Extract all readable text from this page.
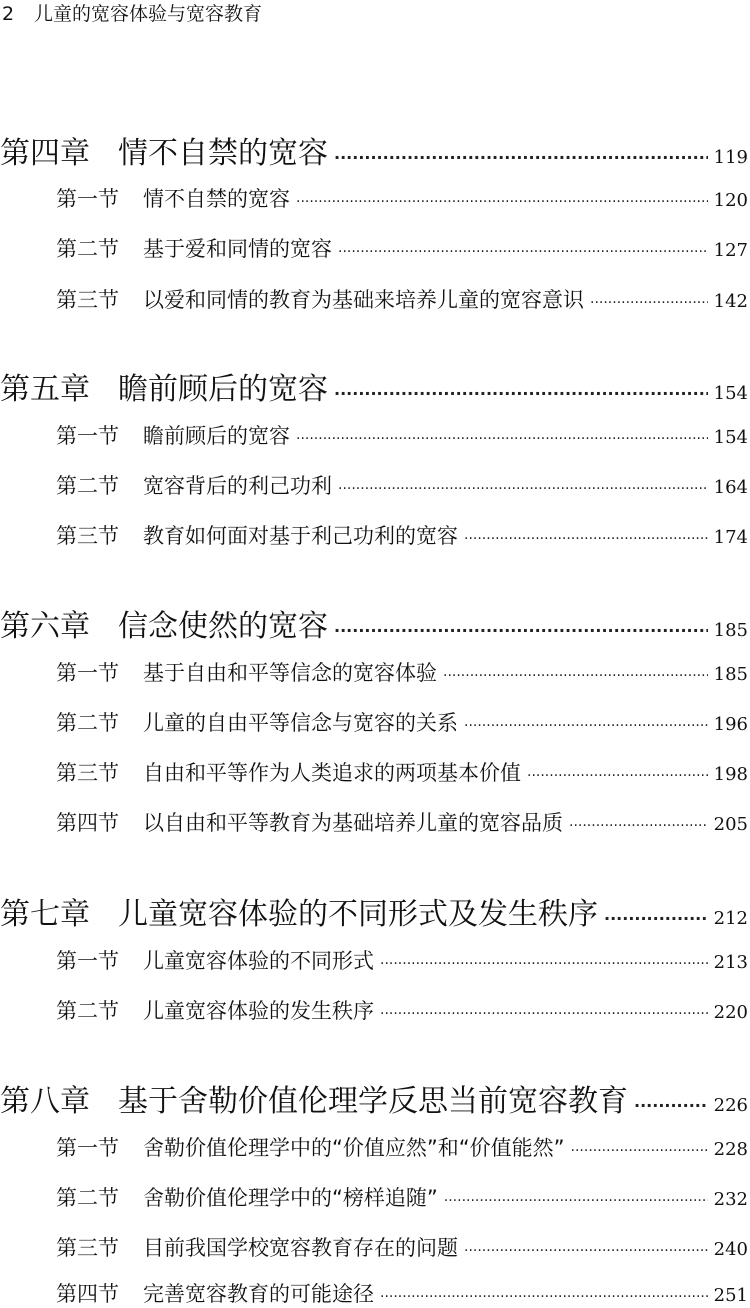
2 儿童的宽容体验与宽容教育
第四章 情不自禁的宽容 ·····	119
第一节 情不自禁的宽容 ·····	120
第二节 基于爱和同情的宽容 ·····	127
第三节 以爱和同情的教育为基础来培养儿童的宽容意识 ·····	142
第五章 瞻前顾后的宽容 ·····	154
第一节 瞻前顾后的宽容 ·····	154
第二节 宽容背后的利己功利 ·····	164
第三节 教育如何面对基于利己功利的宽容 ·····	174
第六章 信念使然的宽容 ·····	185
第一节 基于自由和平等信念的宽容体验 ·····	185
第二节 儿童的自由平等信念与宽容的关系 ·····	196
第三节 自由和平等作为人类追求的两项基本价值 ·····	198
第四节 以自由和平等教育为基础培养儿童的宽容品质 ·····	205
第七章 儿童宽容体验的不同形式及发生秩序 ·····	212
第一节 儿童宽容体验的不同形式 ·····	213
第二节 儿童宽容体验的发生秩序 ·····	220
第八章 基于舍勒价值伦理学反思当前宽容教育 ·····	226
第一节 舍勒价值伦理学中的“价值应然”和“价值能然” ·····	228
第二节 舍勒价值伦理学中的“榜样追随” ·····	232
第三节 目前我国学校宽容教育存在的问题 ·····	240
第四节 完善宽容教育的可能途径 ·····	251
